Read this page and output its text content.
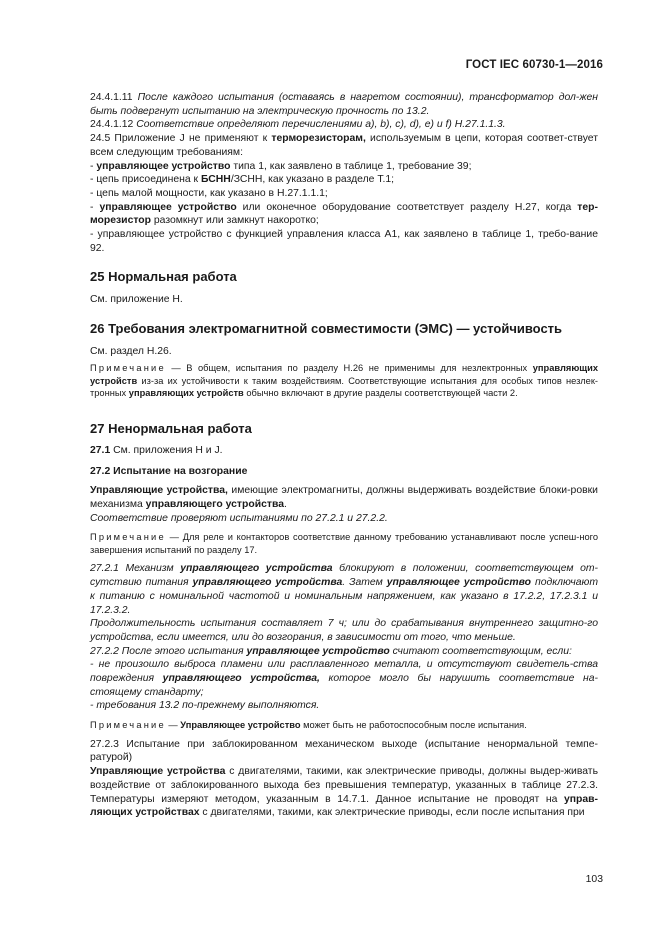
ГОСТ IEC 60730-1—2016

24.4.1.11 После каждого испытания (оставаясь в нагретом состоянии), трансформатор дол-жен быть подвергнут испытанию на электрическую прочность по 13.2.

24.4.1.12 Соответствие определяют перечислениями a), b), c), d), e) и f) H.27.1.1.3.

24.5 Приложение J не применяют к терморезисторам, используемым в цепи, которая соответ-ствует всем следующим требованиям:

- управляющее устройство типа 1, как заявлено в таблице 1, требование 39;

- цепь присоединена к БСНН/ЗСНН, как указано в разделе Т.1;

- цепь малой мощности, как указано в Н.27.1.1.1;

- управляющее устройство или оконечное оборудование соответствует разделу Н.27, когда тер-морезистор разомкнут или замкнут накоротко;

- управляющее устройство с функцией управления класса А1, как заявлено в таблице 1, требо-вание 92.

25 Нормальная работа

См. приложение Н.

26 Требования электромагнитной совместимости (ЭМС) — устойчивость

См. раздел Н.26.

Примечание — В общем, испытания по разделу Н.26 не применимы для незлектронных управляющих устройств из-за их устойчивости к таким воздействиям. Соответствующие испытания для особых типов незлек-тронных управляющих устройств обычно включают в другие разделы соответствующей части 2.

27 Ненормальная работа

27.1 См. приложения Н и J.

27.2 Испытание на возгорание

Управляющие устройства, имеющие электромагниты, должны выдерживать воздействие блоки-ровки механизма управляющего устройства.

Соответствие проверяют испытаниями по 27.2.1 и 27.2.2.

Примечание — Для реле и контакторов соответствие данному требованию устанавливают после успеш-ного завершения испытаний по разделу 17.

27.2.1 Механизм управляющего устройства блокируют в положении, соответствующем от-сутствию питания управляющего устройства. Затем управляющее устройство подключают к питанию с номинальной частотой и номинальным напряжением, как указано в 17.2.2, 17.2.3.1 и 17.2.3.2.

Продолжительность испытания составляет 7 ч; или до срабатывания внутреннего защитно-го устройства, если имеется, или до возгорания, в зависимости от того, что меньше.

27.2.2 После этого испытания управляющее устройство считают соответствующим, если:

- не произошло выброса пламени или расплавленного металла, и отсутствуют свидетель-ства повреждения управляющего устройства, которое могло бы нарушить соответствие на-стоящему стандарту;

- требования 13.2 по-прежнему выполняются.

Примечание — Управляющее устройство может быть не работоспособным после испытания.

27.2.3 Испытание при заблокированном механическом выходе (испытание ненормальной темпе-ратурой)

Управляющие устройства с двигателями, такими, как электрические приводы, должны выдер-живать воздействие от заблокированного выхода без превышения температур, указанных в таблице 27.2.3. Температуры измеряют методом, указанным в 14.7.1. Данное испытание не проводят на управ-ляющих устройствах с двигателями, такими, как электрические приводы, если после испытания при

103
